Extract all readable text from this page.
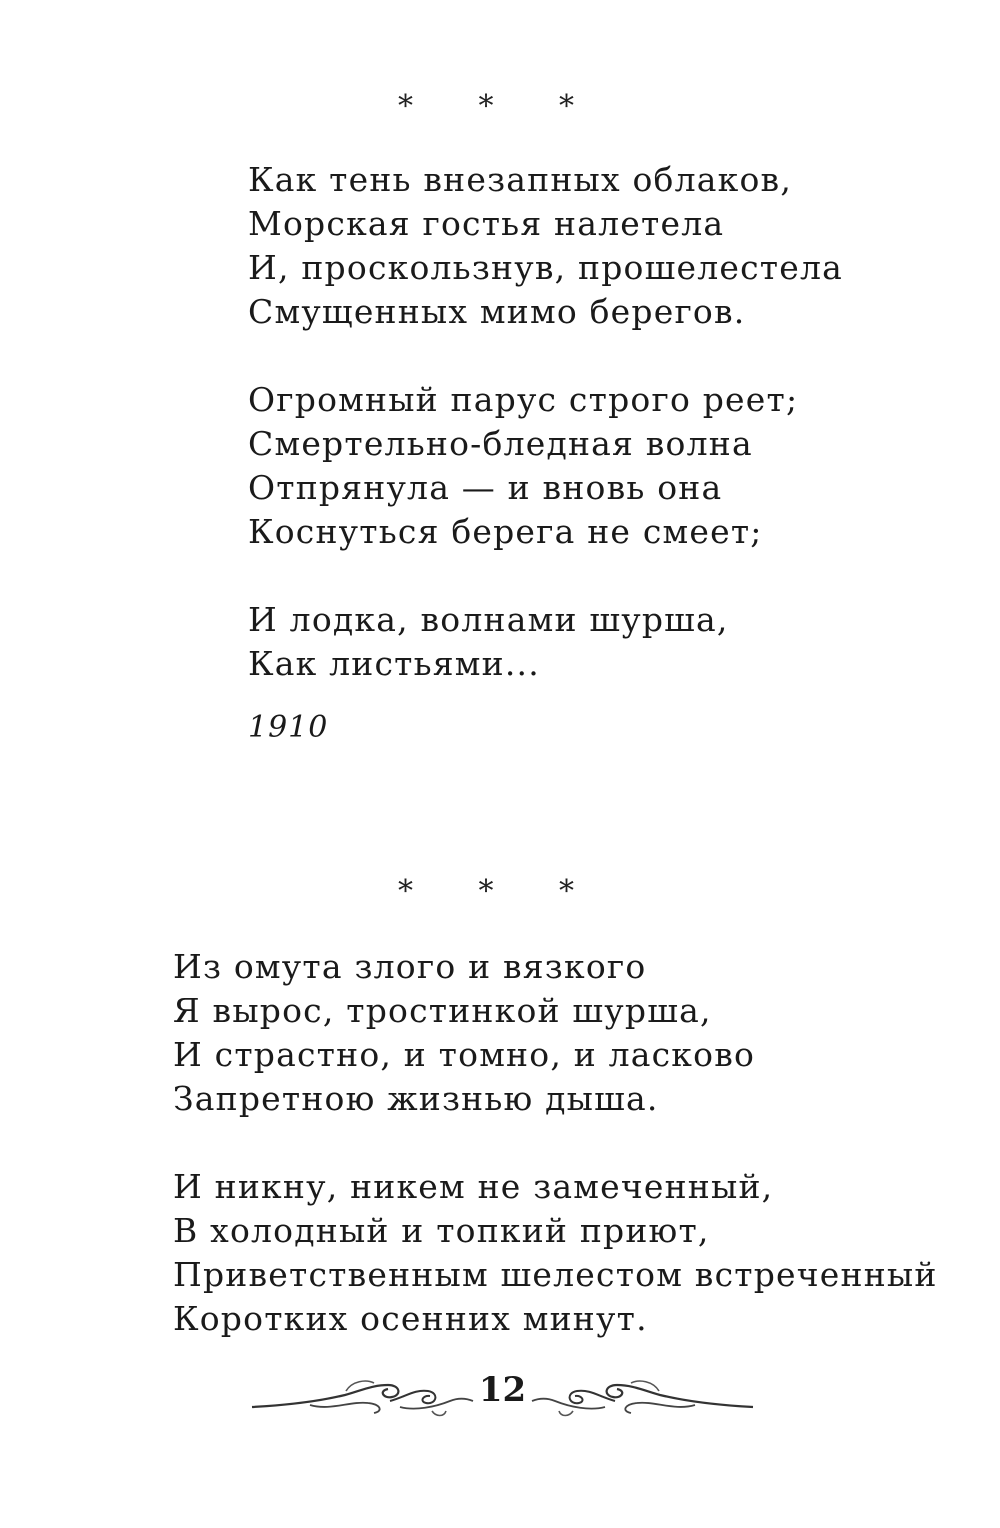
* * *

Как тень внезапных облаков,
Морская гостья налетела
И, проскользнув, прошелестела
Смущенных мимо берегов.

Огромный парус строго реет;
Смертельно-бледная волна
Отпрянула — и вновь она
Коснуться берега не смеет;

И лодка, волнами шурша,
Как листьями...

1910
* * *

Из омута злого и вязкого
Я вырос, тростинкой шурша,
И страстно, и томно, и ласково
Запретною жизнью дыша.

И никну, никем не замеченный,
В холодный и топкий приют,
Приветственным шелестом встреченный
Коротких осенних минут.

12
